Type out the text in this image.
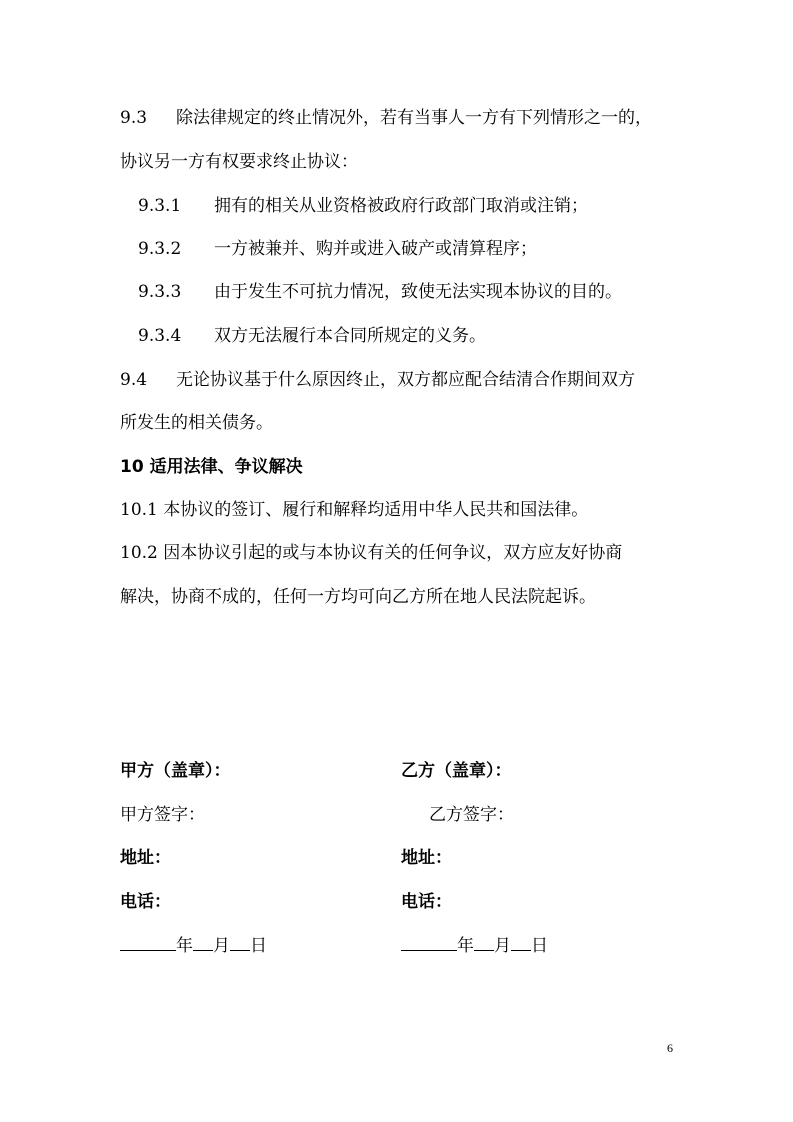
9.3 除法律规定的终止情况外，若有当事人一方有下列情形之一的，
协议另一方有权要求终止协议：
9.3.1 拥有的相关从业资格被政府行政部门取消或注销；
9.3.2 一方被兼并、购并或进入破产或清算程序；
9.3.3 由于发生不可抗力情况，致使无法实现本协议的目的。
9.3.4 双方无法履行本合同所规定的义务。
9.4 无论协议基于什么原因终止，双方都应配合结清合作期间双方
所发生的相关债务。
10 适用法律、争议解决
10.1 本协议的签订、履行和解释均适用中华人民共和国法律。
10.2 因本协议引起的或与本协议有关的任何争议，双方应友好协商
解决，协商不成的，任何一方均可向乙方所在地人民法院起诉。
甲方（盖章）：
甲方签字：
地址：
电话：
年 月 日
乙方（盖章）：
乙方签字：
地址：
电话：
年 月 日
6
